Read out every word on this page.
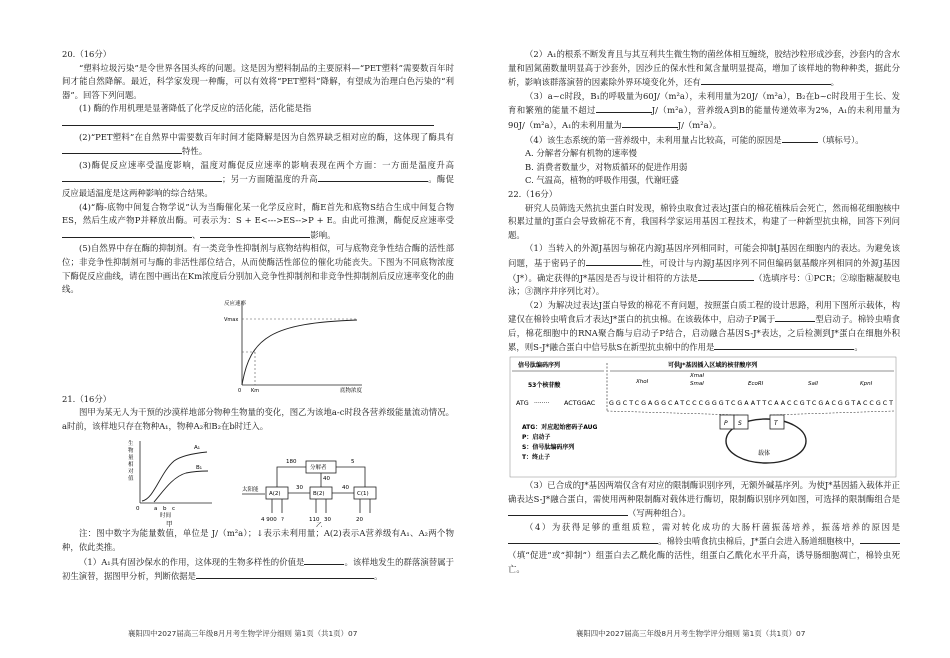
20.（16分）

“塑料垃圾污染”是令世界各国头疼的问题。这是因为塑料制品的主要原料—“PET塑料”需要数百年时间才能自然降解。最近，科学家发现一种酶，可以有效将“PET塑料”降解，有望成为治理白色污染的“利器”。回答下列问题。

(1) 酶的作用机理是显著降低了化学反应的活化能，活化能是指

(2)“PET塑料”在自然界中需要数百年时间才能降解是因为自然界缺乏相对应的酶，这体现了酶具有特性。

(3)酶促反应速率受温度影响，温度对酶促反应速率的影响表现在两个方面：一方面是温度升高；另一方面随温度的升高	。酶促反应最适温度是这两种影响的综合结果。

(4)“酶-底物中间复合物学说”认为当酶催化某一化学反应时，酶E首先和底物S结合生成中间复合物ES，然后生成产物P并释放出酶。可表示为：S + E<--->ES-->P + E。由此可推测，酶促反应速率受、	影响。

(5)自然界中存在酶的抑制剂。有一类竞争性抑制剂与底物结构相似，可与底物竞争性结合酶的活性部位；非竞争性抑制剂可与酶的非活性部位结合，从而使酶活性部位的催化功能丧失。下图为不同底物浓度下酶促反应曲线，请在图中画出在Km浓度后分别加入竞争性抑制剂和非竞争性抑制剂后反应速率变化的曲线。

反应速率
Vmax
0 Km	底物浓度

21.（16分）

图甲为某无人为干预的沙漠样地部分物种生物量的变化，图乙为该地a-c时段各营养级能量流动情况。a时前，该样地只存在物种A₁，物种A₂和B₂在b时迁入。

A₁
B₁
生物量相对值
0	a b c
时间
甲
太阳能
A(2)	B(2)	C(1)
分解者
180
30
40
5
4 900 ?	110 30	20
40
乙

注：图中数字为能量数值，单位是 J/（m²a）；↓表示未利用量；A(2)表示A营养级有A₁、A₂两个物种，依此类推。

（1）A₁具有固沙保水的作用，这体现的生物多样性的价值是	。该样地发生的群落演替属于初生演替，据图甲分析，判断依据是	。

襄阳四中2027届高三年级8月月考生物学评分细则 第1页（共1页）07

（2）A₁的根系不断发育且与其互利共生微生物的菌丝体相互缠绕，胶结沙粒形成沙套，沙套内的含水量和固氮菌数量明显高于沙套外，因沙丘的保水性和氮含量明显提高，增加了该样地的物种种类，据此分析，影响该群落演替的因素除外界环境变化外，还有	。

（3）a~c时段，B₁的呼吸量为60J/（m²a），未利用量为20J/（m²a），B₂在b~c时段用于生长、发育和繁殖的能量不超过	J/（m²a），营养级A到B的能量传递效率为2%，A₁的未利用量为90J/（m²a），A₁的未利用量为	J/（m²a）。

（4）该生态系统的第一营养级中，未利用量占比较高，可能的原因是	（填标号）。

A. 分解者分解有机物的速率慢

B. 消费者数量少，对物质循环的促进作用弱

C. 气温高，植物的呼吸作用强，代谢旺盛

22.（16分）

研究人员筛选天然抗虫蛋白时发现，棉铃虫取食过表达J蛋白的棉花植株后会死亡，然而棉花细胞核中积累过量的J蛋白会导致棉花不育，我国科学家运用基因工程技术，构建了一种新型抗虫棉，回答下列问题。

（1）当转入的外源J基因与棉花内源J基因序列相同时，可能会抑制J基因在细胞内的表达。为避免该问题，基于密码子的	性，可设计与内源J基因序列不同但编码氨基酸序列相同的外源J基因（J*）。确定获得的J*基因是否与设计相符的方法是	（选填序号：①PCR；②琼脂糖凝胶电泳；③测序并序列比对）。

（2）为解决过表达J蛋白导致的棉花不育问题，按照蛋白质工程的设计思路，利用下图所示载体，构建仅在棉铃虫啃食后才表达J*蛋白的抗虫棉。在该载体中，启动子P属于	型启动子。棉铃虫啃食后，棉花细胞中的RNA聚合酶与启动子P结合，启动融合基因S-J*表达，之后检测到J*蛋白在细胞外积累，则S-J*融合蛋白中信号肽S在新型抗虫棉中的作用是	。

信号肽编码序列	可供J*基因插入区域的核苷酸序列
53个核苷酸	XhoⅠ
XmaⅠ
SmaⅠ	EcoRⅠ	SalⅠ	KpnⅠ
ATG ········ ACTGGAC GGCTCGAGGCATCCCGGGTCGAATTCAACCGTCGACGGTACCGCT
ATG：对应起始密码子AUG
P：启动子
S：信号肽编码序列
T：终止子
P S	T
载体

（3）已合成的J*基因两端仅含有对应的限制酶识别序列，无额外碱基序列。为使J*基因插入载体并正确表达S-J*融合蛋白，需使用两种限制酶对载体进行酶切，限制酶识别序列如图，可选择的限制酶组合是（写两种组合）。

（4）为获得足够的重组质粒，需对转化成功的大肠杆菌振荡培养，振荡培养的原因是。棉铃虫啃食抗虫棉后，J*蛋白会进入肠道细胞核中，（填“促进”或“抑制”）组蛋白去乙酰化酶的活性，组蛋白乙酰化水平升高，诱导肠细胞凋亡，棉铃虫死亡。

襄阳四中2027届高三年级8月月考生物学评分细则 第1页（共1页）07
